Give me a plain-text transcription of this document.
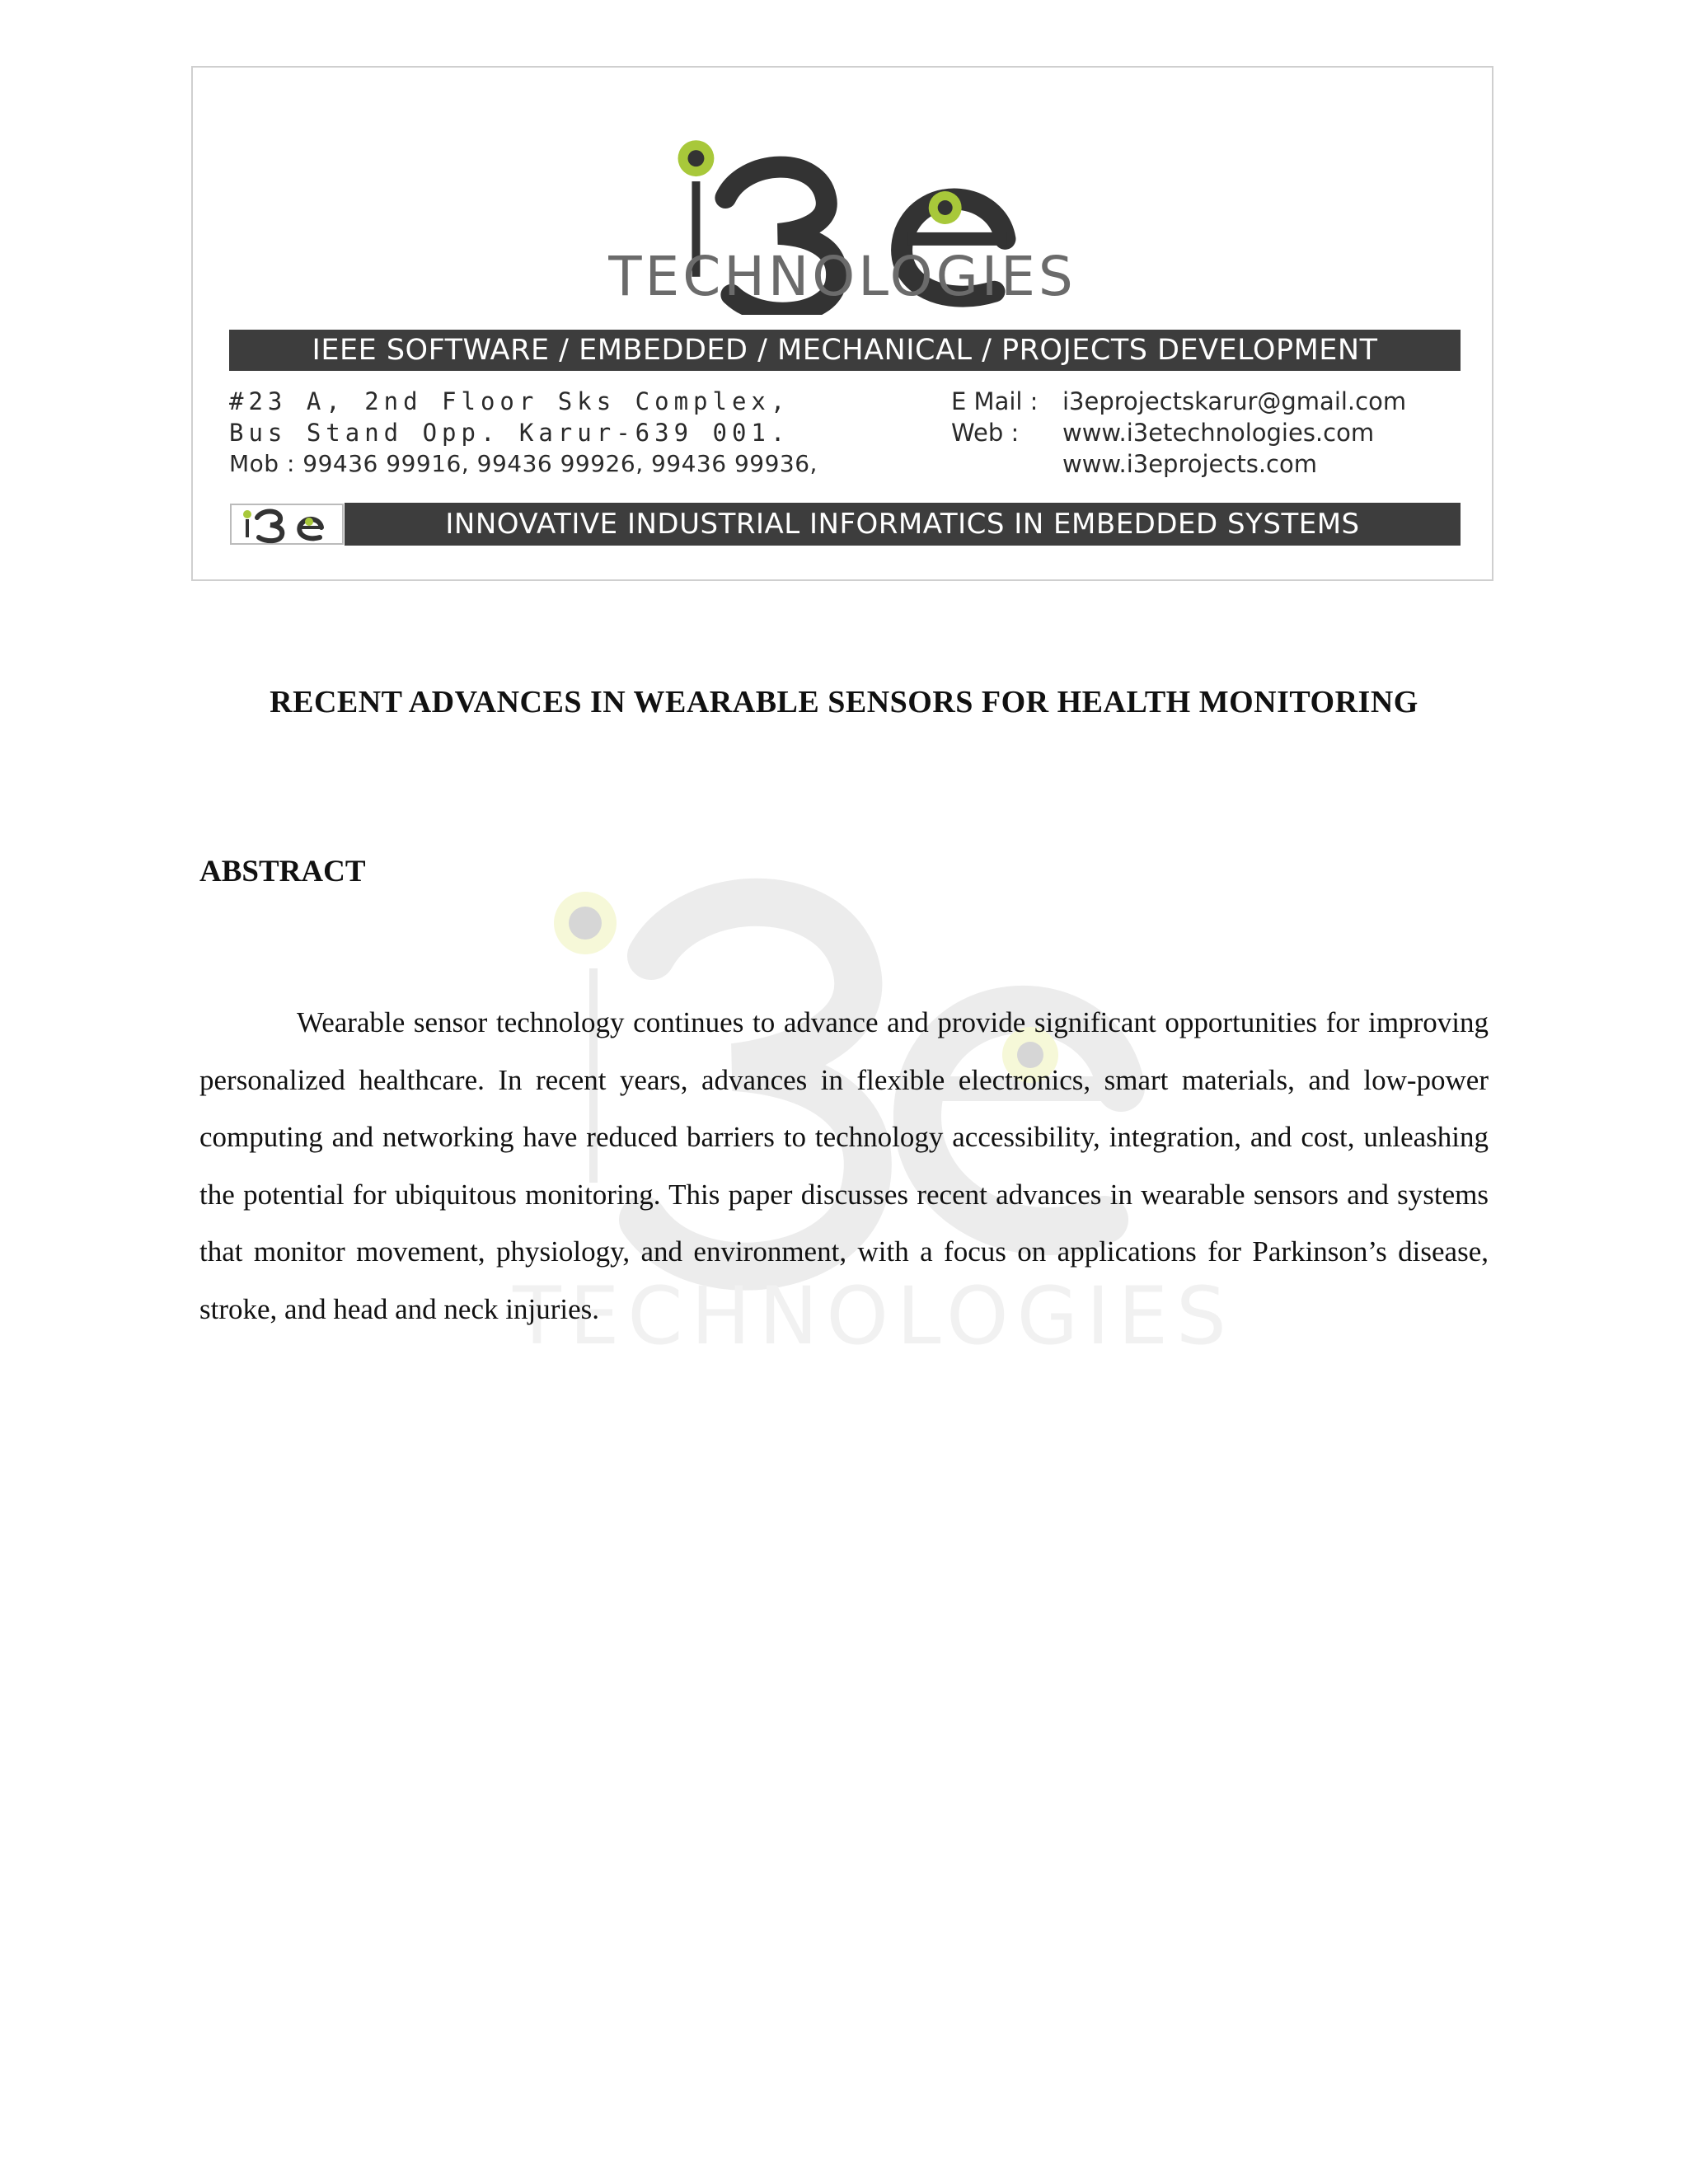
TECHNOLOGIES
TECHNOLOGIES
IEEE SOFTWARE / EMBEDDED / MECHANICAL / PROJECTS DEVELOPMENT
#23 A, 2nd Floor Sks Complex,
Bus Stand Opp. Karur-639 001.
Mob : 99436 99916, 99436 99926, 99436 99936,
E Mail : i3eprojectskarur@gmail.com
Web : www.i3etechnologies.com
www.i3eprojects.com
INNOVATIVE INDUSTRIAL INFORMATICS IN EMBEDDED SYSTEMS
RECENT ADVANCES IN WEARABLE SENSORS FOR HEALTH MONITORING
ABSTRACT

Wearable sensor technology continues to advance and provide significant opportunities for improving personalized healthcare. In recent years, advances in flexible electronics, smart materials, and low-power computing and networking have reduced barriers to technology accessibility, integration, and cost, unleashing the potential for ubiquitous monitoring. This paper discusses recent advances in wearable sensors and systems that monitor movement, physiology, and environment, with a focus on applications for Parkinson’s disease, stroke, and head and neck injuries.
